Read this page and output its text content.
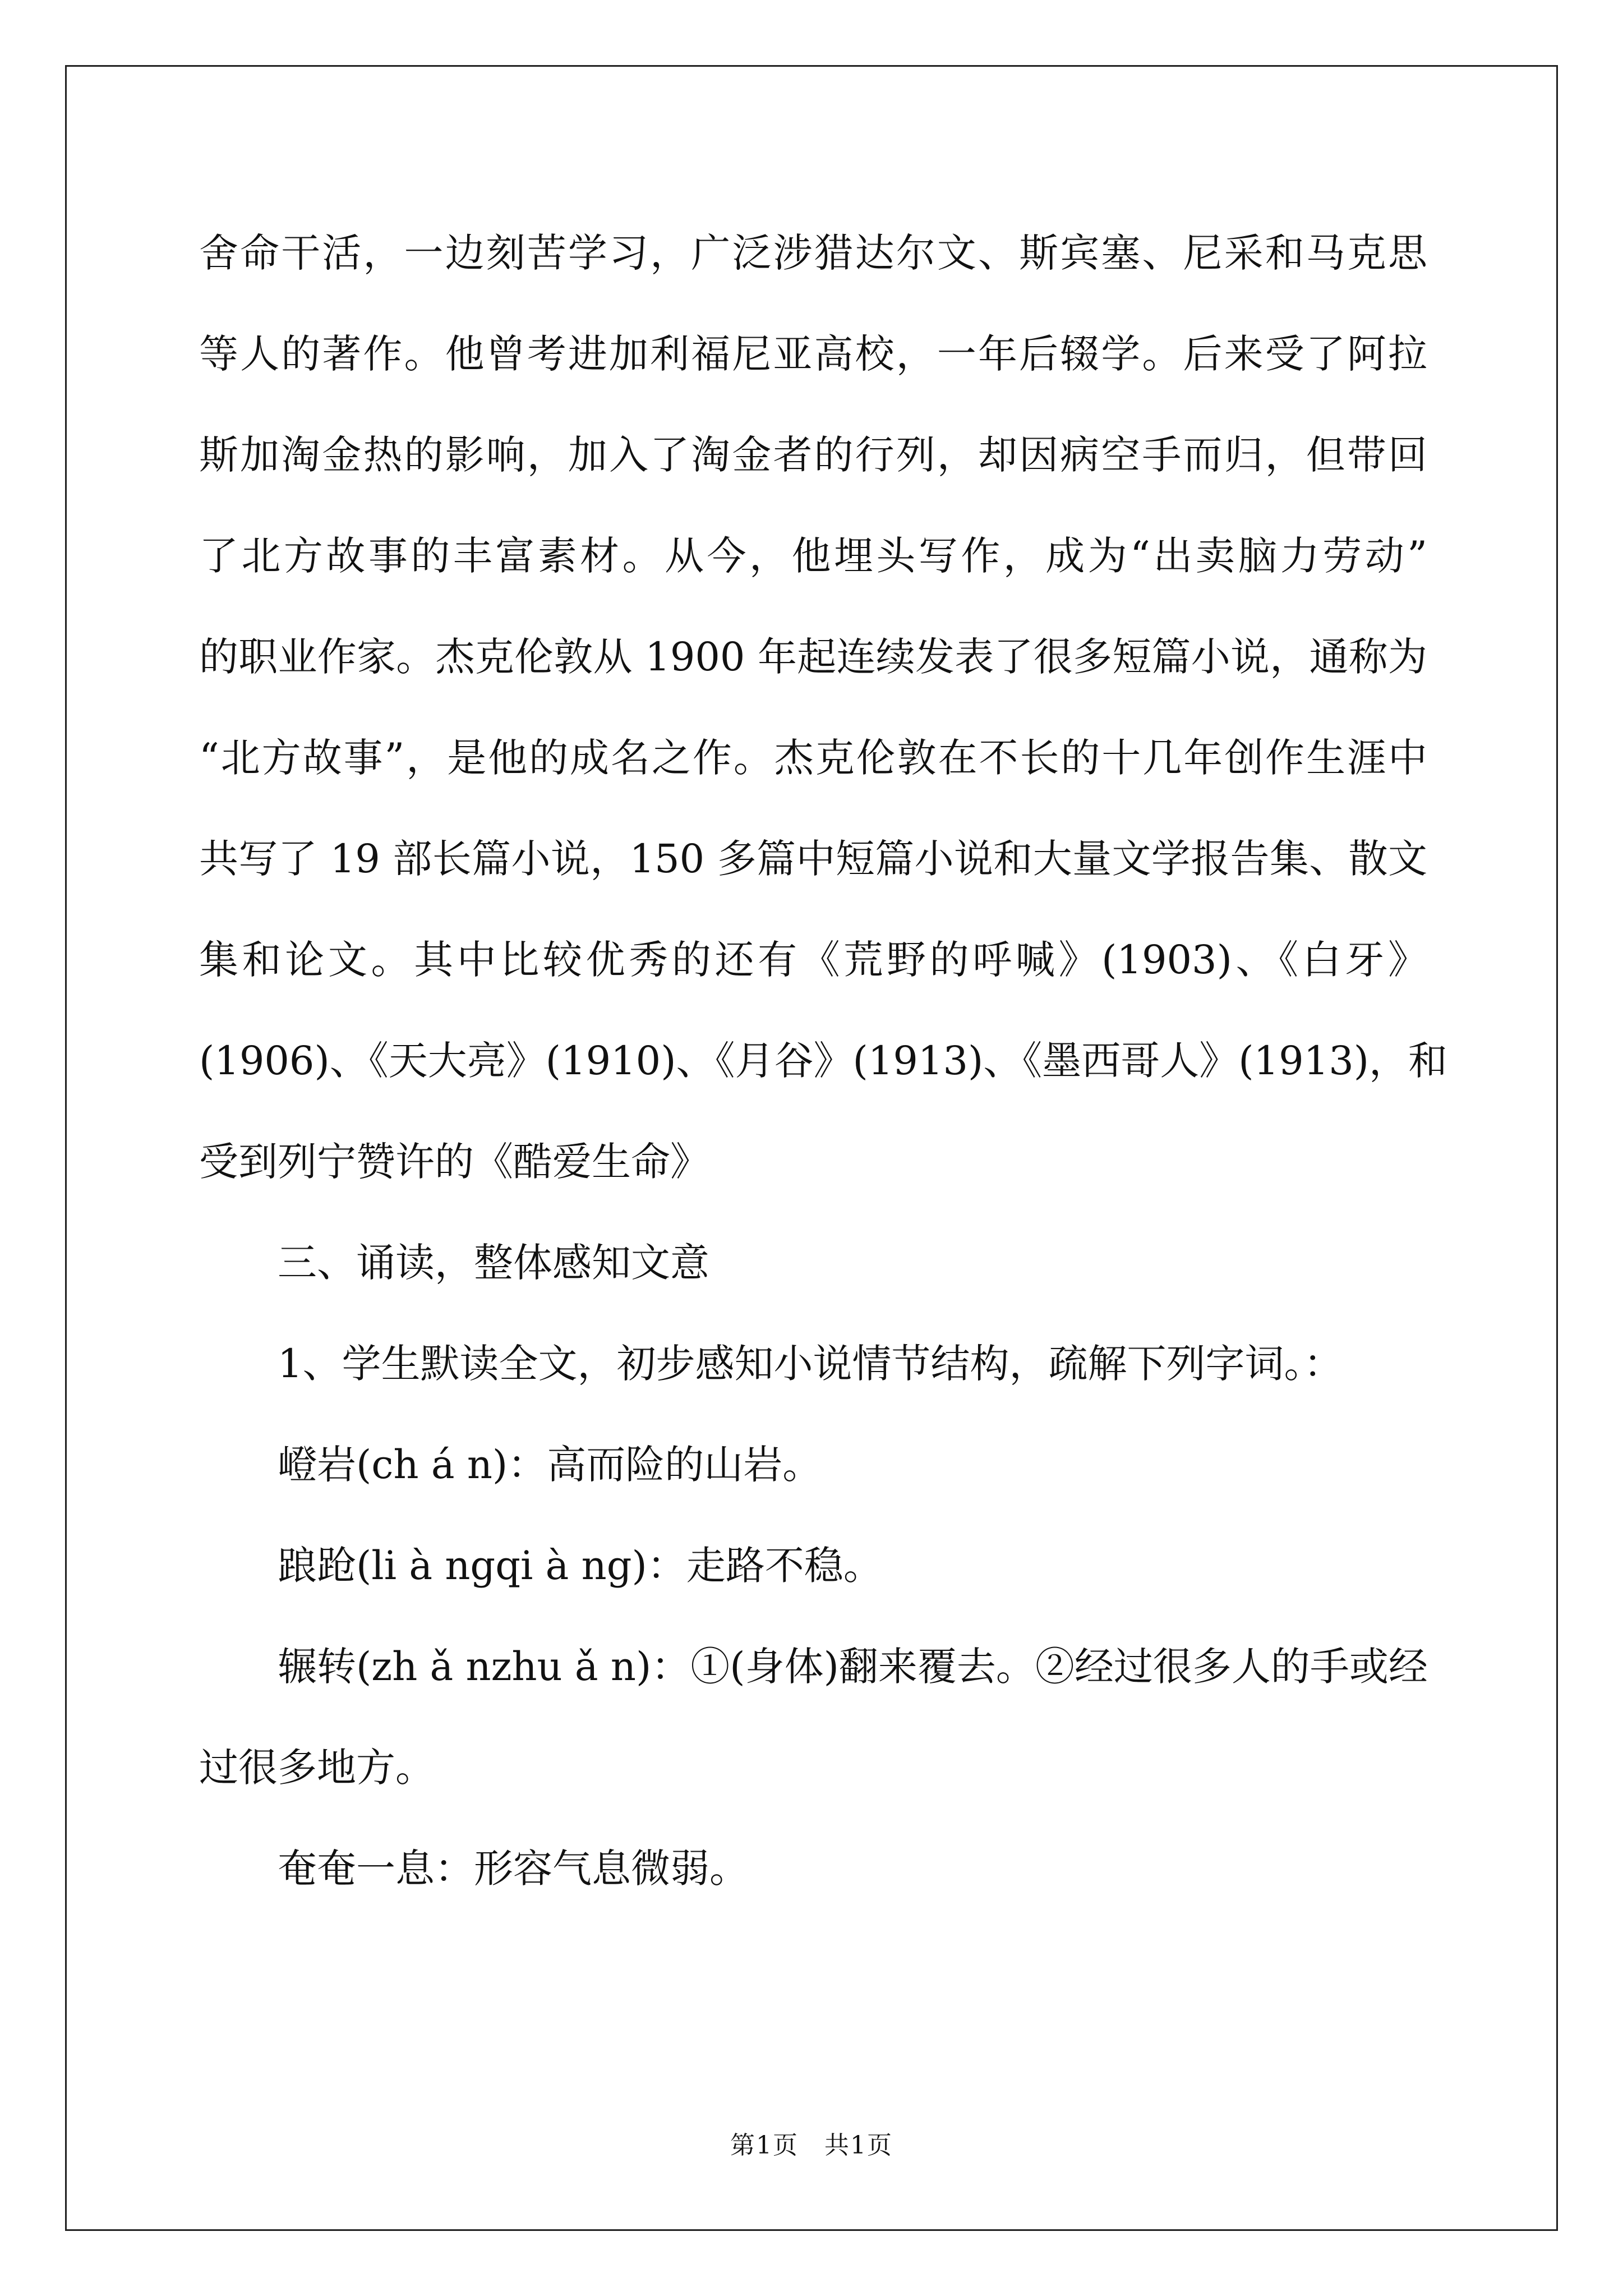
舍命干活，一边刻苦学习，广泛涉猎达尔文、斯宾塞、尼采和马克思
等人的著作。他曾考进加利福尼亚高校，一年后辍学。后来受了阿拉
斯加淘金热的影响，加入了淘金者的行列，却因病空手而归，但带回
了北方故事的丰富素材。从今，他埋头写作，成为“出卖脑力劳动”
的职业作家。杰克伦敦从 1900 年起连续发表了很多短篇小说，通称为
“北方故事”，是他的成名之作。杰克伦敦在不长的十几年创作生涯中
共写了 19 部长篇小说，150 多篇中短篇小说和大量文学报告集、散文
集和论文。其中比较优秀的还有《荒野的呼喊》(1903)、《白牙》
(1906)、《天大亮》(1910)、《月谷》(1913)、《墨西哥人》(1913)，和
受到列宁赞许的《酷爱生命》
三、诵读，整体感知文意
1、学生默读全文，初步感知小说情节结构，疏解下列字词。：
嶝岩(ch á n)：高而险的山岩。
踉跄(li à ngqi à ng)：走路不稳。
辗转(zh ǎ nzhu ǎ n)：①(身体)翻来覆去。②经过很多人的手或经
过很多地方。
奄奄一息：形容气息微弱。
第1页　共1页
